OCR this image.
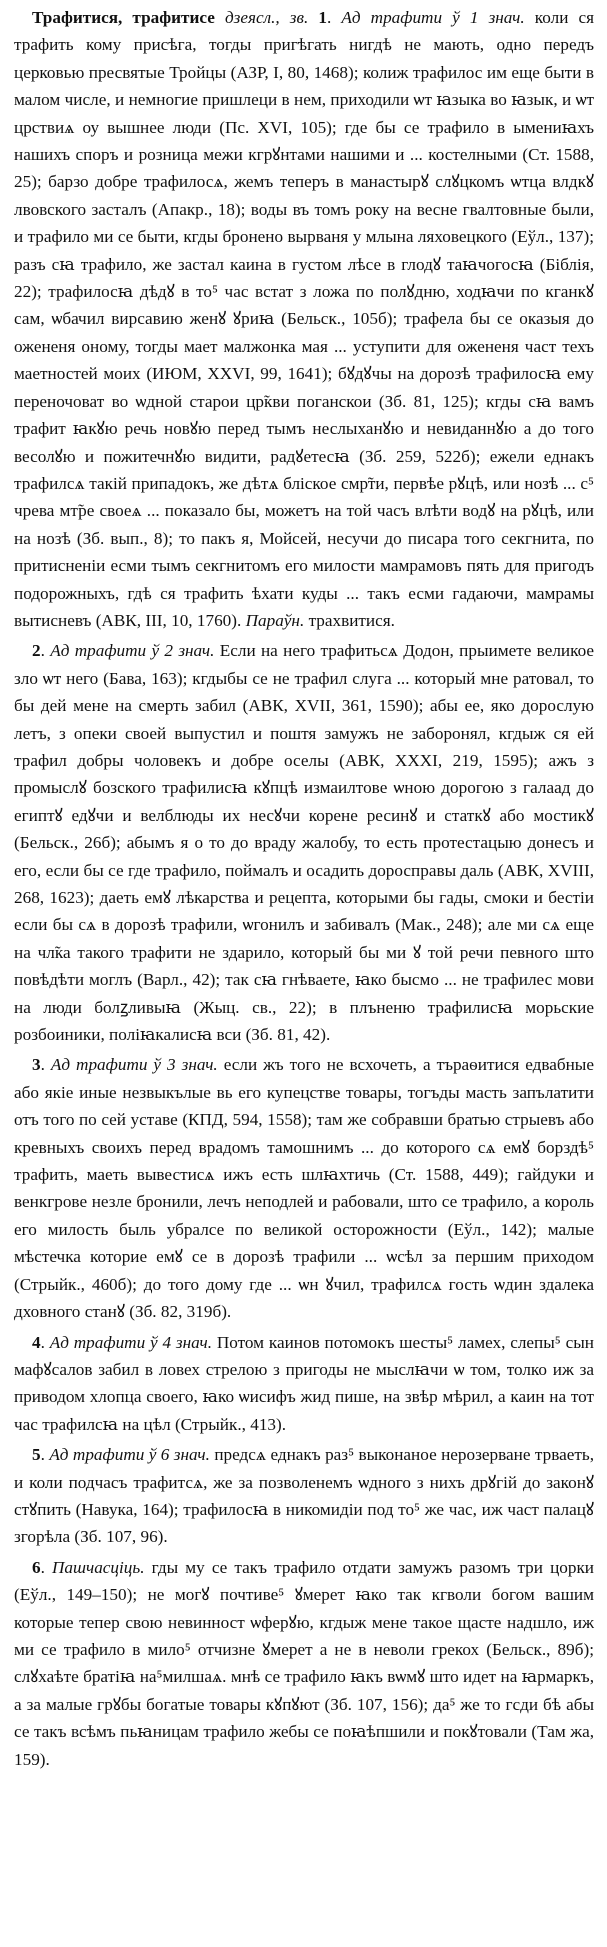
Трафитися, трафитисе дзеясл., зв. 1. Ад трафити ў 1 знач. коли ся трафить кому присѣга, тогды пригѣгать нигдѣ не мають, одно передъ церковью пресвятые Тройцы (АЗР, I, 80, 1468); колиж трафилос им еще быти в малом числе, и немногие пришлеци в нем, приходили ѡт ꙗзыка во ꙗзык, и ѡт црствиѧ оу вышнее люди (Пс. XVI, 105); где бы се трафило в ымениꙗхъ нашихъ споръ и розница межи кгрꙋнтами нашими и ... костелными (Ст. 1588, 25); барзо добре трафилосѧ, жемъ теперъ в манастырꙋ слꙋцкомъ ѡтца влдкꙋ лвовского засталъ (Апакр., 18); воды въ томъ року на весне гвалтовные были, и трафило ми се быти, кгды бронено вырваня у млына ляховецкого (Еўл., 137); разъ сꙗ трафило, же застал каина в густом лѣсе в глодꙋ таꙗчогосꙗ (Біблія, 22); трафилосꙗ дѣдꙋ в то⁵ час встат з ложа по полꙋдню, ходꙗчи по кганкꙋ сам, ѡбачил вирсавию женꙋ ꙋриꙗ (Бельск., 105б); трафела бы се оказыя до ожененя оному, тогды мает малжонка мая ... уступити для ожененя част техъ маетностей моих (ИЮМ, XXVI, 99, 1641); бꙋдꙋчы на дорозѣ трафилосꙗ ему переночоват во ѡдной старои цр̃кви поганскои (Зб. 81, 125); кгды сꙗ вамъ трафит ꙗкꙋю речь новꙋю перед тымъ неслыханꙋю и невиданнꙋю а до того весолꙋю и пожитечнꙋю видити, радꙋетесꙗ (Зб. 259, 522б); ежели еднакъ трафилсѧ такій припадокъ, же дѣтѧ бліское смр̃ти, первѣе рꙋцѣ, или нозѣ ... с⁵ чрева мт̃ре своеѧ ... показало бы, можетъ на той часъ влѣти водꙋ на рꙋцѣ, или на нозѣ (Зб. вып., 8); то пакъ я, Мойсей, несучи до писара того секгнита, по притисненіи есми тымъ секгнитомъ его милости мамрамовъ пять для пригодъ подорожныхъ, гдѣ ся трафить ѣхати куды ... такъ есми гадаючи, мамрамы вытисневъ (АВК, III, 10, 1760). Параўн. трахвитися.

2. Ад трафити ў 2 знач. Если на него трафитьсѧ Додон, прыимете великое зло ѡт него (Бава, 163); кгдыбы се не трафил слуга ... который мне ратовал, то бы дей мене на смерть забил (АВК, XVII, 361, 1590); абы ее, яко дорослую летъ, з опеки своей выпустил и поштя замужъ не заборонял, кгдыж ся ей трафил добры чоловекъ и добре оселы (АВК, XXXI, 219, 1595); ажъ з промыслꙋ бозского трафилисꙗ кꙋпцѣ измаилтове ѡною дорогою з галаад до египтꙋ едꙋчи и велблюды их несꙋчи корене ресинꙋ и статкꙋ або мостикꙋ (Бельск., 26б); абымъ я о то до враду жалобу, то есть протестацыю донесъ и его, если бы се где трафило, поймалъ и осадить доросправы даль (АВК, XVIII, 268, 1623); даеть емꙋ лѣкарства и рецепта, которыми бы гады, смоки и бестіи если бы сѧ в дорозѣ трафили, ѡгонилъ и забивалъ (Мак., 248); але ми сѧ еще на чл̃ка такого трафити не здарило, который бы ми ꙋ той речи певного што повѣдѣти моглъ (Варл., 42); так сꙗ гнѣваете, ꙗко бысмо ... не трафилес мови на люди болꙁливыꙗ (Жыц. св., 22); в плъненю трафилисꙗ морьские розбоиники, поліꙗкалисꙗ вси (Зб. 81, 42).

3. Ад трафити ў 3 знач. если жъ того не всхочеть, а търаѳитися едвабные або якіе иные незвыкълые вь его купецстве товары, тогъды масть запълатити отъ того по сей уставе (КПД, 594, 1558); там же собравши братью стрыевъ або кревныхъ своихъ перед врадомъ тамошнимъ ... до которого сѧ емꙋ борздѣ⁵ трафить, маеть вывестисѧ ижъ есть шлꙗхтичь (Ст. 1588, 449); гайдуки и венкгрове незле бронили, лечъ неподлей и рабовали, што се трафило, а король его милость быль убралсе по великой осторожности (Еўл., 142); малые мѣстечка которие емꙋ се в дорозѣ трафили ... ѡсѣл за першим приходом (Стрыйк., 460б); до того дому где ... ѡн ꙋчил, трафилсѧ гость ѡдин здалека дховного станꙋ (Зб. 82, 319б).

4. Ад трафити ў 4 знач. Потом каинов потомокъ шесты⁵ ламех, слепы⁵ сын мафꙋсалов забил в ловех стрелою з пригоды не мыслꙗчи ѡ том, толко иж за приводом хлопца своего, ꙗко ѡисифъ жид пише, на звѣр мѣрил, а каин на тот час трафилсꙗ на цѣл (Стрыйк., 413).

5. Ад трафити ў 6 знач. предсѧ еднакъ раз⁵ выконаное нерозерване трваеть, и коли подчасъ трафитсѧ, же за позволенемъ ѡдного з нихъ дрꙋгій до законꙋ стꙋпить (Навука, 164); трафилосꙗ в никомидіи под то⁵ же час, иж част палацꙋ згорѣла (Зб. 107, 96).

6. Пашчасціць. гды му се такъ трафило отдати замужъ разомъ три цорки (Еўл., 149–150); не могꙋ почтиве⁵ ꙋмерет ꙗко так кгволи богом вашим которые тепер свою невинност ѡферꙋю, кгдыж мене такое щасте надшло, иж ми се трафило в мило⁵ отчизне ꙋмерет а не в неволи грекох (Бельск., 89б); слꙋхаѣте братіꙗ на⁵милшаѧ. мнѣ се трафило ꙗкъ вѡмꙋ што идет на ꙗрмаркъ, а за малые грꙋбы богатые товары кꙋпꙋют (Зб. 107, 156); да⁵ же то гсди бѣ абы се такъ всѣмъ пьꙗницам трафило жебы се поꙗѣпшили и покꙋтовали (Там жа, 159).
